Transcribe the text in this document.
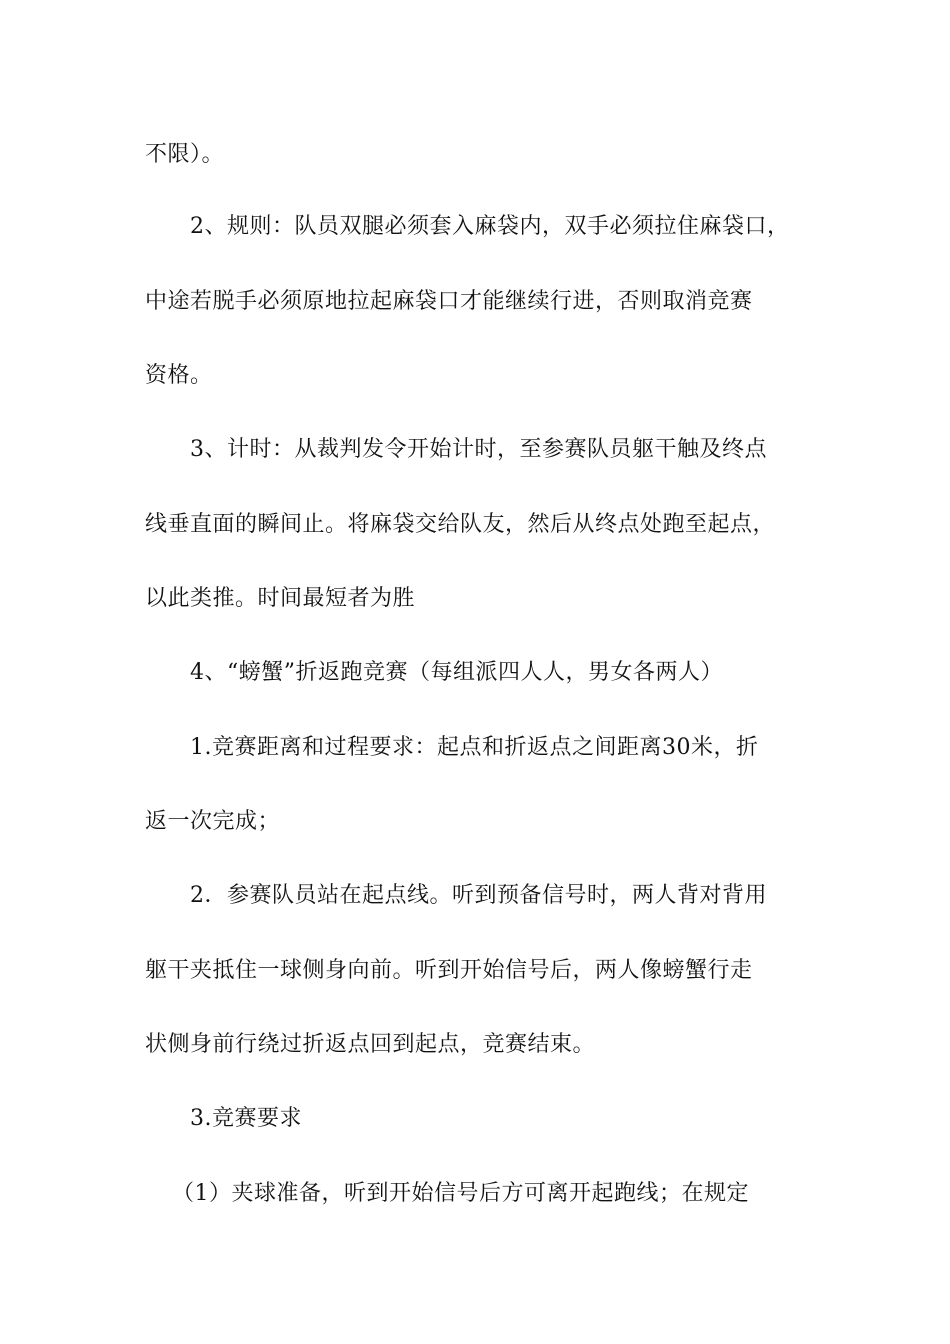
不限）。
2、规则：队员双腿必须套入麻袋内，双手必须拉住麻袋口，
中途若脱手必须原地拉起麻袋口才能继续行进，否则取消竞赛
资格。
3、计时：从裁判发令开始计时，至参赛队员躯干触及终点
线垂直面的瞬间止。将麻袋交给队友，然后从终点处跑至起点，
以此类推。时间最短者为胜
4、“螃蟹”折返跑竞赛（每组派四人人，男女各两人）
1.竞赛距离和过程要求：起点和折返点之间距离30米，折
返一次完成；
2．参赛队员站在起点线。听到预备信号时，两人背对背用
躯干夹抵住一球侧身向前。听到开始信号后，两人像螃蟹行走
状侧身前行绕过折返点回到起点，竞赛结束。
3.竞赛要求
（1）夹球准备，听到开始信号后方可离开起跑线；在规定
